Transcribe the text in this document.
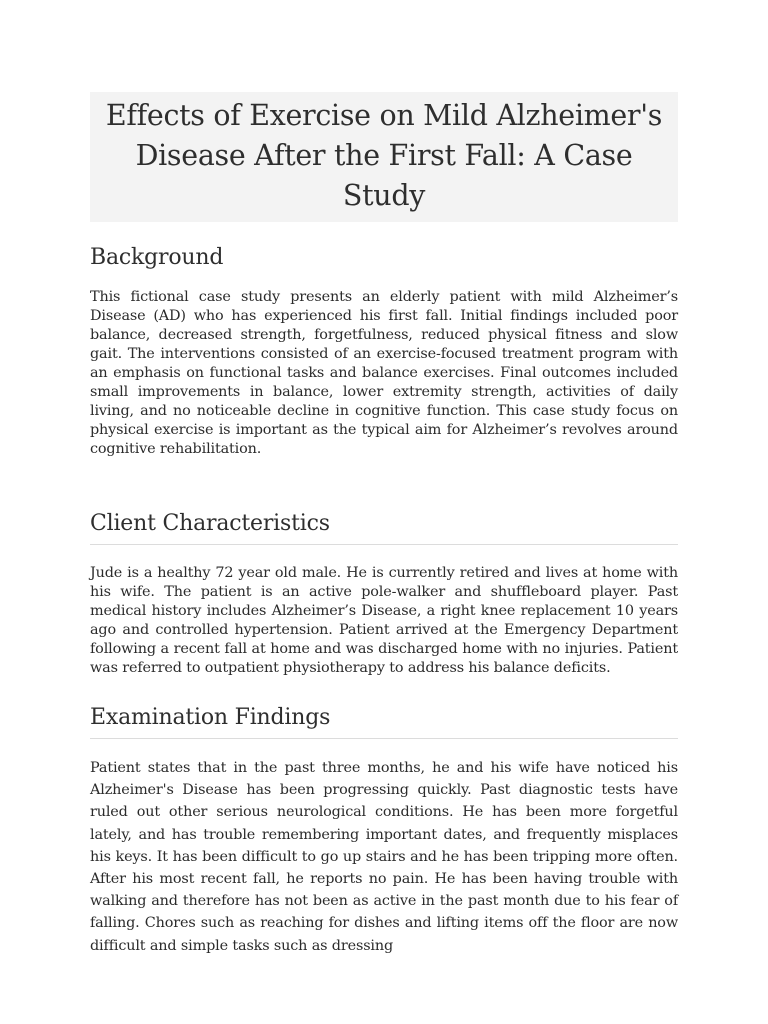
Effects of Exercise on Mild Alzheimer's Disease After the First Fall: A Case Study
Background

This fictional case study presents an elderly patient with mild Alzheimer’s Disease (AD) who has experienced his first fall. Initial findings included poor balance, decreased strength, forgetfulness, reduced physical fitness and slow gait. The interventions consisted of an exercise-focused treatment program with an emphasis on functional tasks and balance exercises. Final outcomes included small improvements in balance, lower extremity strength, activities of daily living, and no noticeable decline in cognitive function. This case study focus on physical exercise is important as the typical aim for Alzheimer’s revolves around cognitive rehabilitation.

Client Characteristics

Jude is a healthy 72 year old male. He is currently retired and lives at home with his wife. The patient is an active pole-walker and shuffleboard player. Past medical history includes Alzheimer’s Disease, a right knee replacement 10 years ago and controlled hypertension. Patient arrived at the Emergency Department following a recent fall at home and was discharged home with no injuries. Patient was referred to outpatient physiotherapy to address his balance deficits.

Examination Findings

Patient states that in the past three months, he and his wife have noticed his Alzheimer's Disease has been progressing quickly. Past diagnostic tests have ruled out other serious neurological conditions. He has been more forgetful lately, and has trouble remembering important dates, and frequently misplaces his keys. It has been difficult to go up stairs and he has been tripping more often. After his most recent fall, he reports no pain. He has been having trouble with walking and therefore has not been as active in the past month due to his fear of falling. Chores such as reaching for dishes and lifting items off the floor are now difficult and simple tasks such as dressing
